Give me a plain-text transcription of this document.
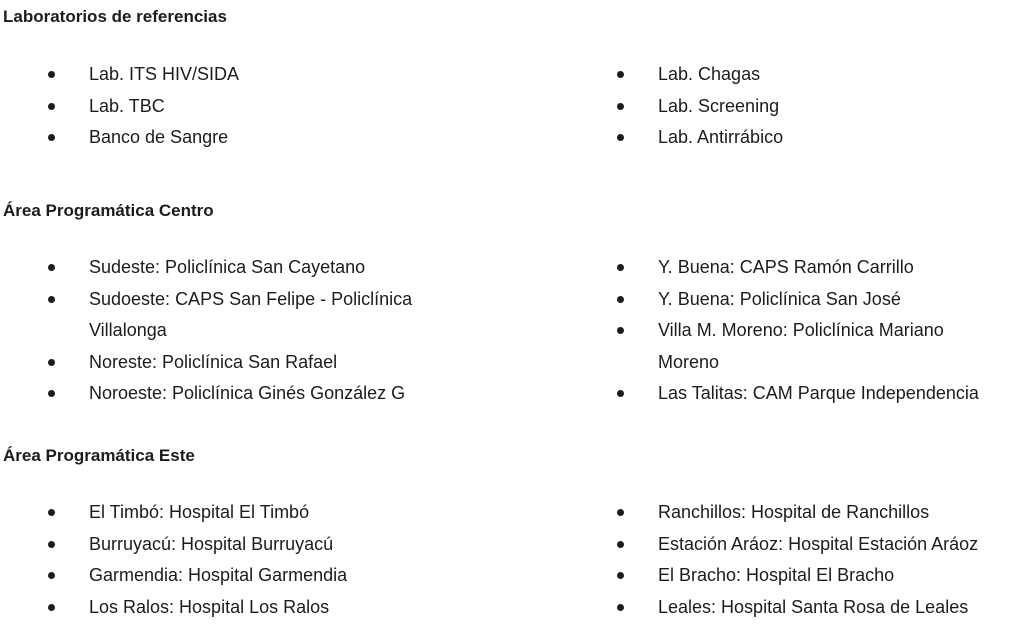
Laboratorios de referencias
Lab. ITS HIV/SIDA
Lab. TBC
Banco de Sangre
Lab. Chagas
Lab. Screening
Lab. Antirrábico
Área Programática Centro
Sudeste: Policlínica San Cayetano
Sudoeste: CAPS San Felipe - Policlínica Villalonga
Noreste: Policlínica San Rafael
Noroeste: Policlínica Ginés González G
Y. Buena: CAPS Ramón Carrillo
Y. Buena: Policlínica San José
Villa M. Moreno: Policlínica Mariano Moreno
Las Talitas: CAM Parque Independencia
Área Programática Este
El Timbó: Hospital El Timbó
Burruyacú: Hospital Burruyacú
Garmendia: Hospital Garmendia
Los Ralos: Hospital Los Ralos
Ranchillos: Hospital de Ranchillos
Estación Aráoz: Hospital Estación Aráoz
El Bracho: Hospital El Bracho
Leales: Hospital Santa Rosa de Leales
